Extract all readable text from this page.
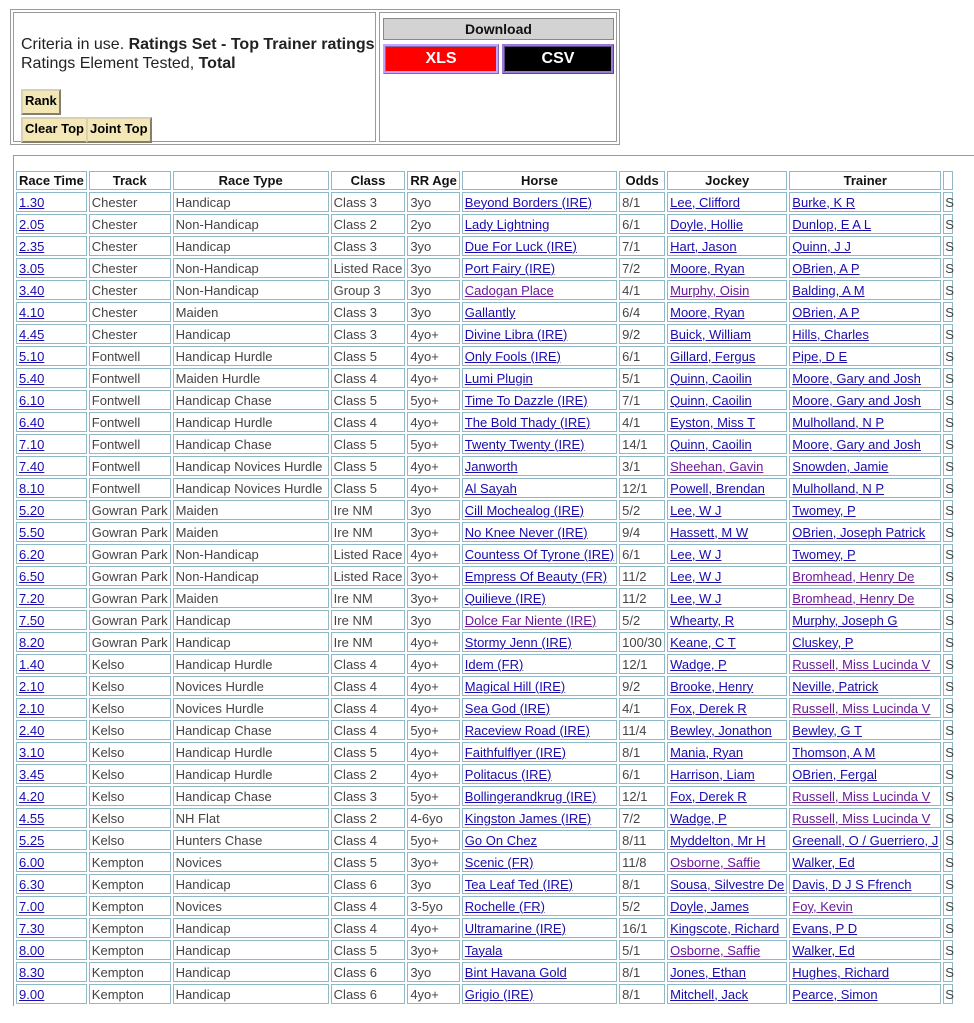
Criteria in use. Ratings Set - Top Trainer ratings
Ratings Element Tested, Total
Rank
Clear Top Joint Top
Download
XLS	CSV
Race Time	Track	Race Type	Class	RR Age	Horse	Odds	Jockey	Trainer	
1.30	Chester	Handicap	Class 3	3yo	Beyond Borders (IRE)	8/1	Lee, Clifford	Burke, K R	S
2.05	Chester	Non-Handicap	Class 2	2yo	Lady Lightning	6/1	Doyle, Hollie	Dunlop, E A L	S
2.35	Chester	Handicap	Class 3	3yo	Due For Luck (IRE)	7/1	Hart, Jason	Quinn, J J	S
3.05	Chester	Non-Handicap	Listed Race	3yo	Port Fairy (IRE)	7/2	Moore, Ryan	OBrien, A P	S
3.40	Chester	Non-Handicap	Group 3	3yo	Cadogan Place	4/1	Murphy, Oisin	Balding, A M	S
4.10	Chester	Maiden	Class 3	3yo	Gallantly	6/4	Moore, Ryan	OBrien, A P	S
4.45	Chester	Handicap	Class 3	4yo+	Divine Libra (IRE)	9/2	Buick, William	Hills, Charles	S
5.10	Fontwell	Handicap Hurdle	Class 5	4yo+	Only Fools (IRE)	6/1	Gillard, Fergus	Pipe, D E	S
5.40	Fontwell	Maiden Hurdle	Class 4	4yo+	Lumi Plugin	5/1	Quinn, Caoilin	Moore, Gary and Josh	S
6.10	Fontwell	Handicap Chase	Class 5	5yo+	Time To Dazzle (IRE)	7/1	Quinn, Caoilin	Moore, Gary and Josh	S
6.40	Fontwell	Handicap Hurdle	Class 4	4yo+	The Bold Thady (IRE)	4/1	Eyston, Miss T	Mulholland, N P	S
7.10	Fontwell	Handicap Chase	Class 5	5yo+	Twenty Twenty (IRE)	14/1	Quinn, Caoilin	Moore, Gary and Josh	S
7.40	Fontwell	Handicap Novices Hurdle	Class 5	4yo+	Janworth	3/1	Sheehan, Gavin	Snowden, Jamie	S
8.10	Fontwell	Handicap Novices Hurdle	Class 5	4yo+	Al Sayah	12/1	Powell, Brendan	Mulholland, N P	S
5.20	Gowran Park	Maiden	Ire NM	3yo	Cill Mochealog (IRE)	5/2	Lee, W J	Twomey, P	S
5.50	Gowran Park	Maiden	Ire NM	3yo+	No Knee Never (IRE)	9/4	Hassett, M W	OBrien, Joseph Patrick	S
6.20	Gowran Park	Non-Handicap	Listed Race	4yo+	Countess Of Tyrone (IRE)	6/1	Lee, W J	Twomey, P	S
6.50	Gowran Park	Non-Handicap	Listed Race	3yo+	Empress Of Beauty (FR)	11/2	Lee, W J	Bromhead, Henry De	S
7.20	Gowran Park	Maiden	Ire NM	3yo+	Quilieve (IRE)	11/2	Lee, W J	Bromhead, Henry De	S
7.50	Gowran Park	Handicap	Ire NM	3yo	Dolce Far Niente (IRE)	5/2	Whearty, R	Murphy, Joseph G	S
8.20	Gowran Park	Handicap	Ire NM	4yo+	Stormy Jenn (IRE)	100/30	Keane, C T	Cluskey, P	S
1.40	Kelso	Handicap Hurdle	Class 4	4yo+	Idem (FR)	12/1	Wadge, P	Russell, Miss Lucinda V	S
2.10	Kelso	Novices Hurdle	Class 4	4yo+	Magical Hill (IRE)	9/2	Brooke, Henry	Neville, Patrick	S
2.10	Kelso	Novices Hurdle	Class 4	4yo+	Sea God (IRE)	4/1	Fox, Derek R	Russell, Miss Lucinda V	S
2.40	Kelso	Handicap Chase	Class 4	5yo+	Raceview Road (IRE)	11/4	Bewley, Jonathon	Bewley, G T	S
3.10	Kelso	Handicap Hurdle	Class 5	4yo+	Faithfulflyer (IRE)	8/1	Mania, Ryan	Thomson, A M	S
3.45	Kelso	Handicap Hurdle	Class 2	4yo+	Politacus (IRE)	6/1	Harrison, Liam	OBrien, Fergal	S
4.20	Kelso	Handicap Chase	Class 3	5yo+	Bollingerandkrug (IRE)	12/1	Fox, Derek R	Russell, Miss Lucinda V	S
4.55	Kelso	NH Flat	Class 2	4-6yo	Kingston James (IRE)	7/2	Wadge, P	Russell, Miss Lucinda V	S
5.25	Kelso	Hunters Chase	Class 4	5yo+	Go On Chez	8/11	Myddelton, Mr H	Greenall, O / Guerriero, J	S
6.00	Kempton	Novices	Class 5	3yo+	Scenic (FR)	11/8	Osborne, Saffie	Walker, Ed	S
6.30	Kempton	Handicap	Class 6	3yo	Tea Leaf Ted (IRE)	8/1	Sousa, Silvestre De	Davis, D J S Ffrench	S
7.00	Kempton	Novices	Class 4	3-5yo	Rochelle (FR)	5/2	Doyle, James	Foy, Kevin	S
7.30	Kempton	Handicap	Class 4	4yo+	Ultramarine (IRE)	16/1	Kingscote, Richard	Evans, P D	S
8.00	Kempton	Handicap	Class 5	3yo+	Tayala	5/1	Osborne, Saffie	Walker, Ed	S
8.30	Kempton	Handicap	Class 6	3yo	Bint Havana Gold	8/1	Jones, Ethan	Hughes, Richard	S
9.00	Kempton	Handicap	Class 6	4yo+	Grigio (IRE)	8/1	Mitchell, Jack	Pearce, Simon	S
